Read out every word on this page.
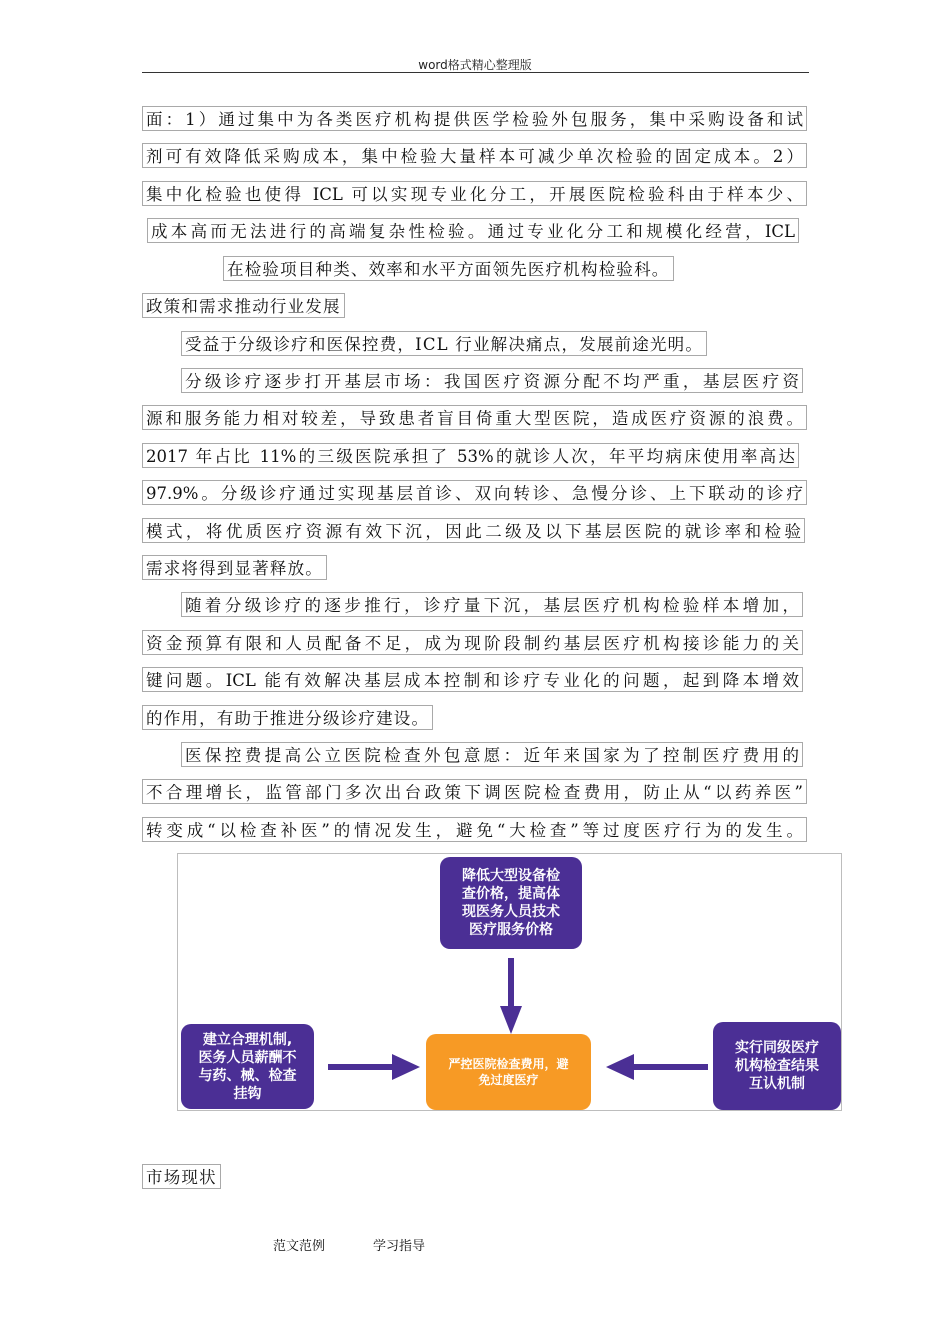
word格式精心整理版
面：1）通过集中为各类医疗机构提供医学检验外包服务，集中采购设备和试
剂可有效降低采购成本，集中检验大量样本可减少单次检验的固定成本。2）
集中化检验也使得 ICL 可以实现专业化分工，开展医院检验科由于样本少、
成本高而无法进行的高端复杂性检验。通过专业化分工和规模化经营，ICL
在检验项目种类、效率和水平方面领先医疗机构检验科。
政策和需求推动行业发展
受益于分级诊疗和医保控费，ICL 行业解决痛点，发展前途光明。
分级诊疗逐步打开基层市场：我国医疗资源分配不均严重，基层医疗资
源和服务能力相对较差，导致患者盲目倚重大型医院，造成医疗资源的浪费。
2017 年占比 11%的三级医院承担了 53%的就诊人次，年平均病床使用率高达
97.9%。分级诊疗通过实现基层首诊、双向转诊、急慢分诊、上下联动的诊疗
模式，将优质医疗资源有效下沉，因此二级及以下基层医院的就诊率和检验
需求将得到显著释放。
随着分级诊疗的逐步推行，诊疗量下沉，基层医疗机构检验样本增加，
资金预算有限和人员配备不足，成为现阶段制约基层医疗机构接诊能力的关
键问题。ICL 能有效解决基层成本控制和诊疗专业化的问题，起到降本增效
的作用，有助于推进分级诊疗建设。
医保控费提高公立医院检查外包意愿：近年来国家为了控制医疗费用的
不合理增长，监管部门多次出台政策下调医院检查费用，防止从“以药养医”
转变成“以检查补医”的情况发生，避免“大检查”等过度医疗行为的发生。
降低大型设备检
查价格，提高体
现医务人员技术
医疗服务价格
建立合理机制,
医务人员薪酬不
与药、械、检查
挂钩
严控医院检查费用，避
免过度医疗
实行同级医疗
机构检查结果
互认机制
市场现状
范文范例	学习指导
